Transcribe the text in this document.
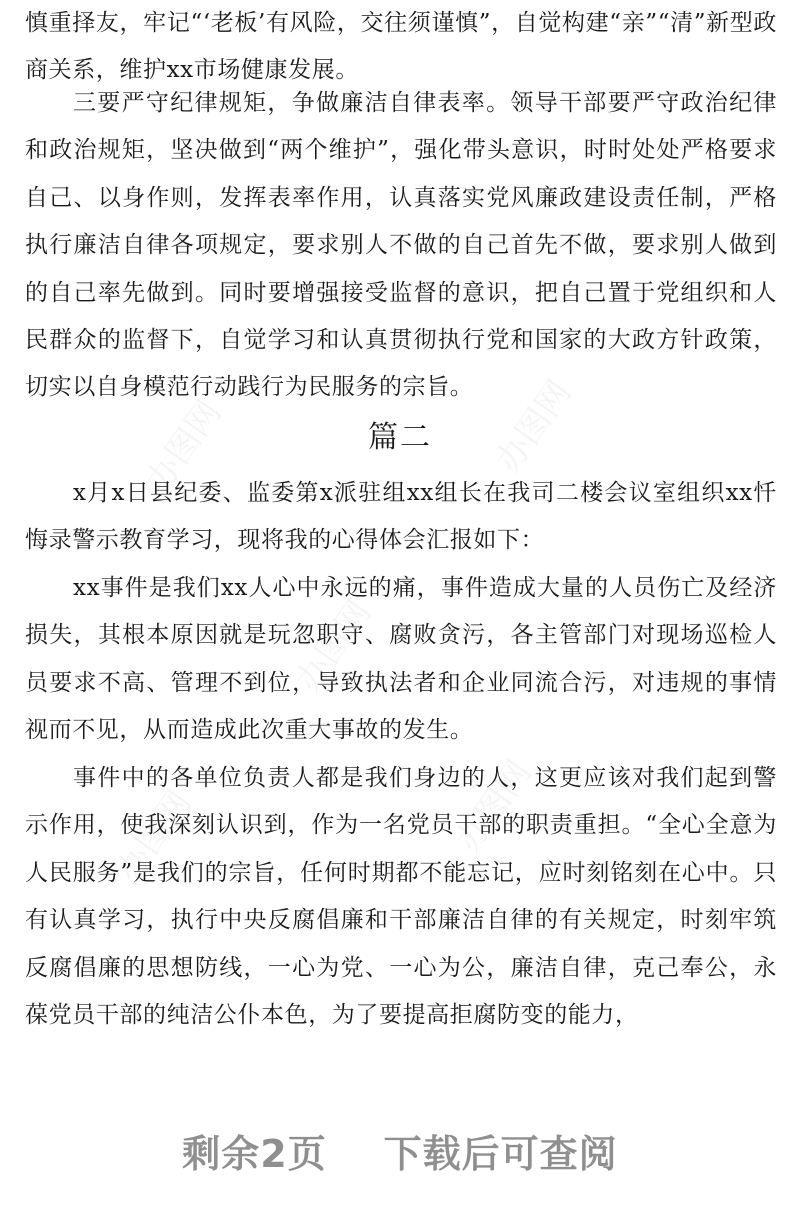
办图网	办图网
办图网
办图网	办图网

慎重择友，牢记“‘老板’有风险，交往须谨慎”，自觉构建“亲”“清”新型政商关系，维护xx市场健康发展。

三要严守纪律规矩，争做廉洁自律表率。领导干部要严守政治纪律和政治规矩，坚决做到“两个维护”，强化带头意识，时时处处严格要求自己、以身作则，发挥表率作用，认真落实党风廉政建设责任制，严格执行廉洁自律各项规定，要求别人不做的自己首先不做，要求别人做到的自己率先做到。同时要增强接受监督的意识，把自己置于党组织和人民群众的监督下，自觉学习和认真贯彻执行党和国家的大政方针政策，切实以自身模范行动践行为民服务的宗旨。

篇二

x月x日县纪委、监委第x派驻组xx组长在我司二楼会议室组织xx忏悔录警示教育学习，现将我的心得体会汇报如下：

xx事件是我们xx人心中永远的痛，事件造成大量的人员伤亡及经济损失，其根本原因就是玩忽职守、腐败贪污，各主管部门对现场巡检人员要求不高、管理不到位，导致执法者和企业同流合污，对违规的事情视而不见，从而造成此次重大事故的发生。

事件中的各单位负责人都是我们身边的人，这更应该对我们起到警示作用，使我深刻认识到，作为一名党员干部的职责重担。“全心全意为人民服务”是我们的宗旨，任何时期都不能忘记，应时刻铭刻在心中。只有认真学习，执行中央反腐倡廉和干部廉洁自律的有关规定，时刻牢筑反腐倡廉的思想防线，一心为党、一心为公，廉洁自律，克己奉公，永葆党员干部的纯洁公仆本色，为了要提高拒腐防变的能力，

剩余2页
下载后可查阅
